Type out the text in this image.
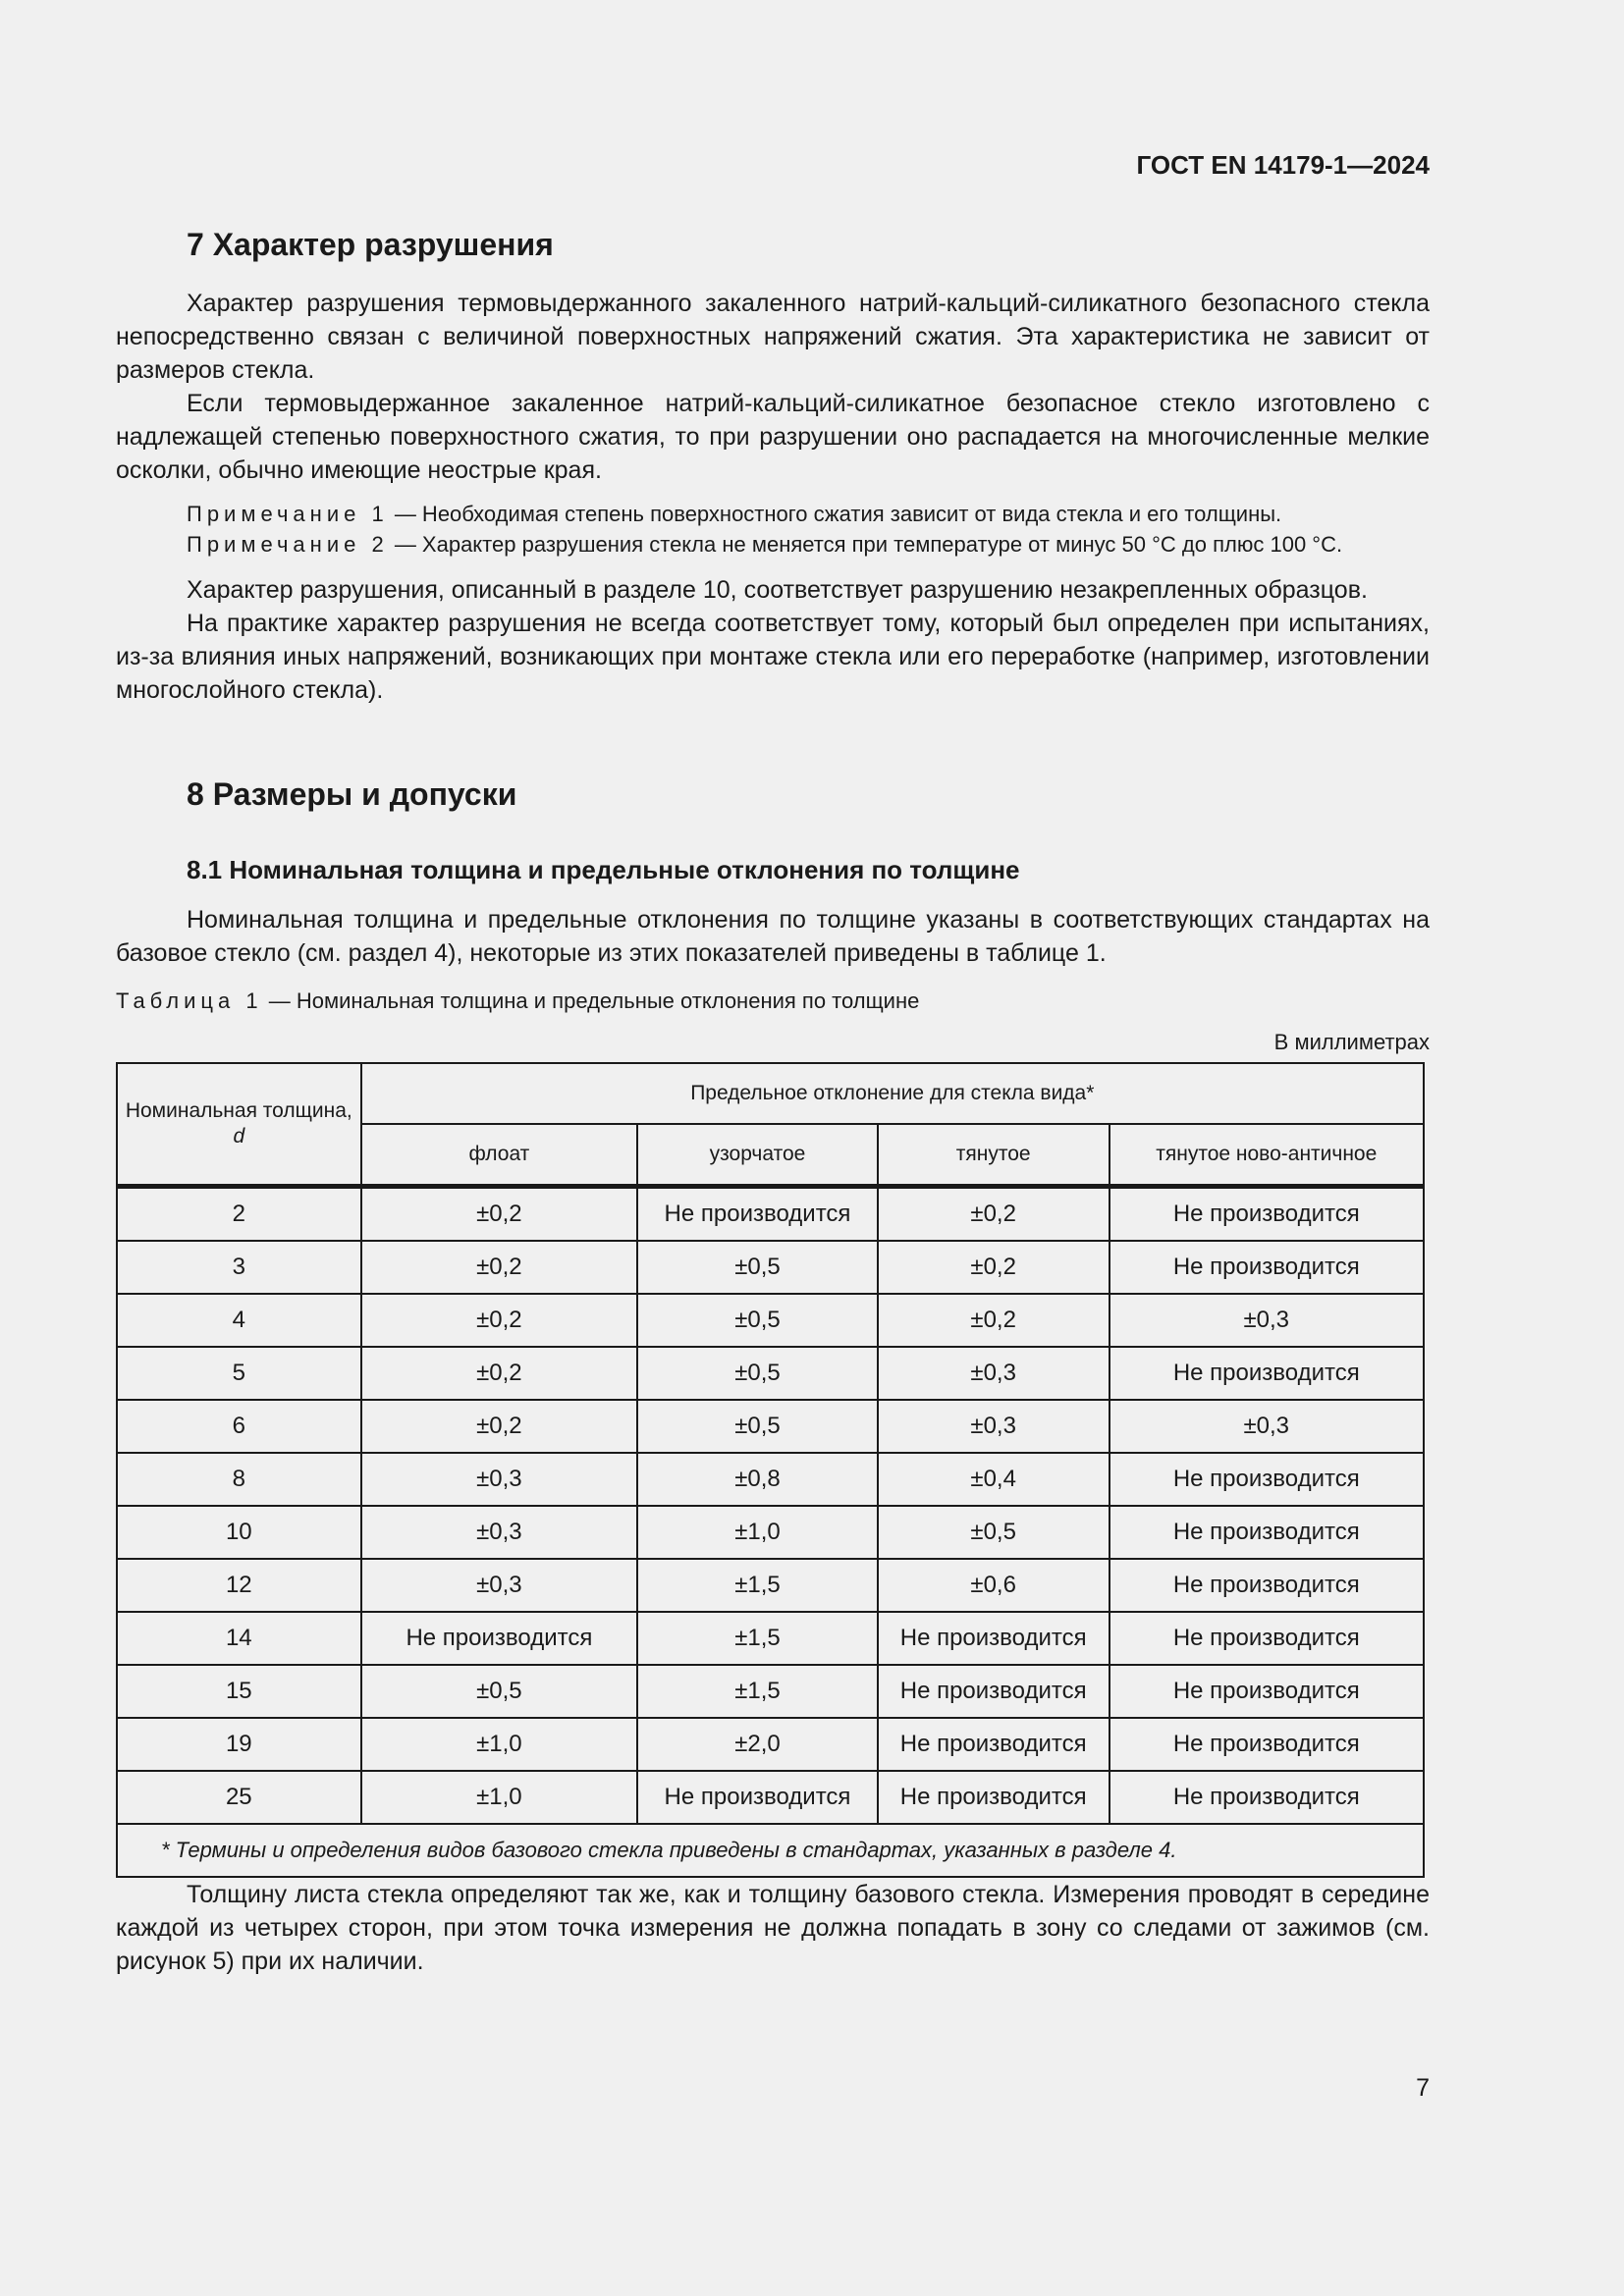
ГОСТ EN 14179-1—2024
7 Характер разрушения

Характер разрушения термовыдержанного закаленного натрий-кальций-силикатного безопасного стекла непосредственно связан с величиной поверхностных напряжений сжатия. Эта характеристика не зависит от размеров стекла.

Если термовыдержанное закаленное натрий-кальций-силикатное безопасное стекло изготовлено с надлежащей степенью поверхностного сжатия, то при разрушении оно распадается на многочисленные мелкие осколки, обычно имеющие неострые края.

Примечание 1 — Необходимая степень поверхностного сжатия зависит от вида стекла и его толщины.

Примечание 2 — Характер разрушения стекла не меняется при температуре от минус 50 °С до плюс 100 °С.

Характер разрушения, описанный в разделе 10, соответствует разрушению незакрепленных образцов.

На практике характер разрушения не всегда соответствует тому, который был определен при испытаниях, из-за влияния иных напряжений, возникающих при монтаже стекла или его переработке (например, изготовлении многослойного стекла).

8 Размеры и допуски
8.1 Номинальная толщина и предельные отклонения по толщине

Номинальная толщина и предельные отклонения по толщине указаны в соответствующих стандартах на базовое стекло (см. раздел 4), некоторые из этих показателей приведены в таблице 1.

Таблица 1 — Номинальная толщина и предельные отклонения по толщине
В миллиметрах
Номинальная толщина, d	Предельное отклонение для стекла вида*			
	флоат	узорчатое	тянутое	тянутое ново-античное
2	±0,2	Не производится	±0,2	Не производится
3	±0,2	±0,5	±0,2	Не производится
4	±0,2	±0,5	±0,2	±0,3
5	±0,2	±0,5	±0,3	Не производится
6	±0,2	±0,5	±0,3	±0,3
8	±0,3	±0,8	±0,4	Не производится
10	±0,3	±1,0	±0,5	Не производится
12	±0,3	±1,5	±0,6	Не производится
14	Не производится	±1,5	Не производится	Не производится
15	±0,5	±1,5	Не производится	Не производится
19	±1,0	±2,0	Не производится	Не производится
25	±1,0	Не производится	Не производится	Не производится
* Термины и определения видов базового стекла приведены в стандартах, указанных в разделе 4.				

Толщину листа стекла определяют так же, как и толщину базового стекла. Измерения проводят в середине каждой из четырех сторон, при этом точка измерения не должна попадать в зону со следами от зажимов (см. рисунок 5) при их наличии.

7
